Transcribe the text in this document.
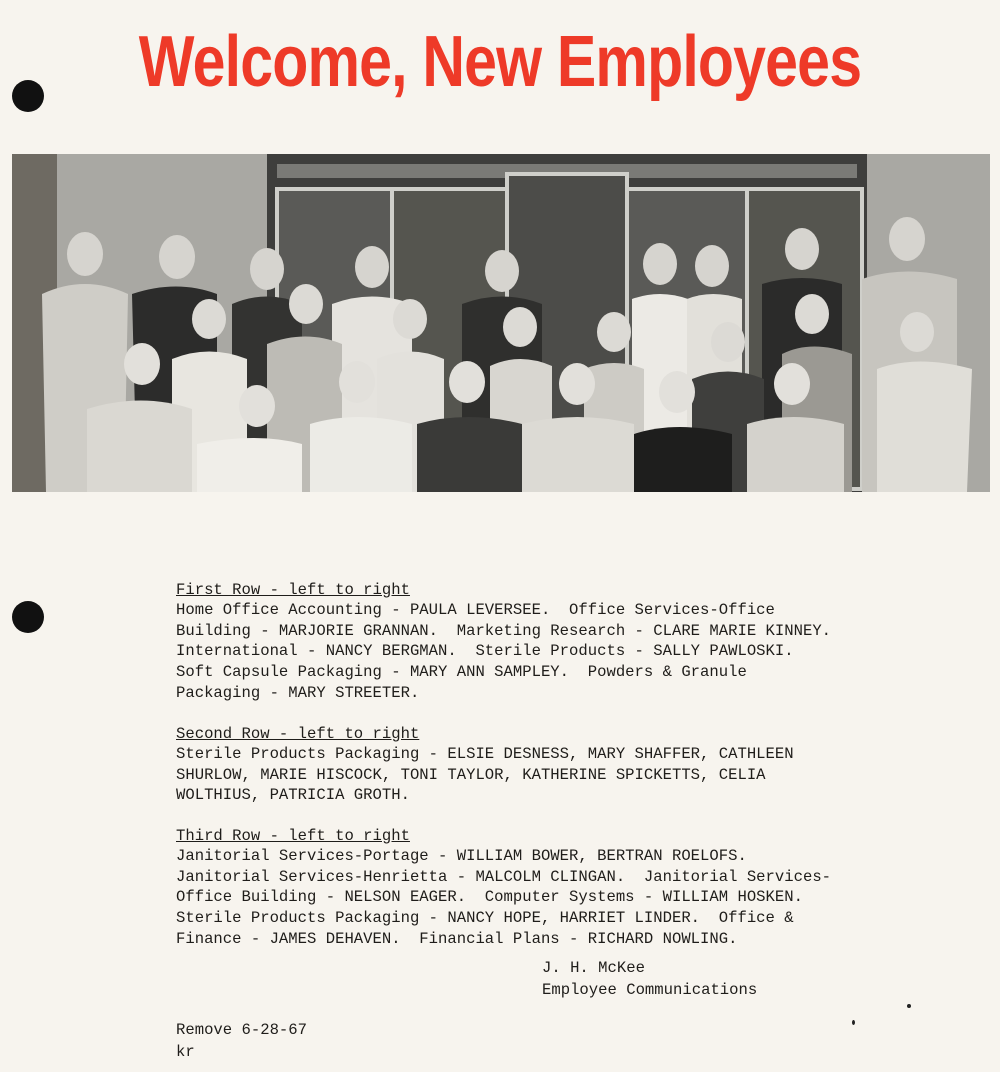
Welcome, New Employees

First Row - left to right
Home Office Accounting - PAULA LEVERSEE.  Office Services-Office
Building - MARJORIE GRANNAN.  Marketing Research - CLARE MARIE KINNEY.
International - NANCY BERGMAN.  Sterile Products - SALLY PAWLOSKI.
Soft Capsule Packaging - MARY ANN SAMPLEY.  Powders & Granule
Packaging - MARY STREETER.

Second Row - left to right
Sterile Products Packaging - ELSIE DESNESS, MARY SHAFFER, CATHLEEN
SHURLOW, MARIE HISCOCK, TONI TAYLOR, KATHERINE SPICKETTS, CELIA
WOLTHIUS, PATRICIA GROTH.

Third Row - left to right
Janitorial Services-Portage - WILLIAM BOWER, BERTRAN ROELOFS.
Janitorial Services-Henrietta - MALCOLM CLINGAN.  Janitorial Services-
Office Building - NELSON EAGER.  Computer Systems - WILLIAM HOSKEN.
Sterile Products Packaging - NANCY HOPE, HARRIET LINDER.  Office &
Finance - JAMES DEHAVEN.  Financial Plans - RICHARD NOWLING.

J. H. McKee
Employee Communications
Remove 6-28-67
kr
